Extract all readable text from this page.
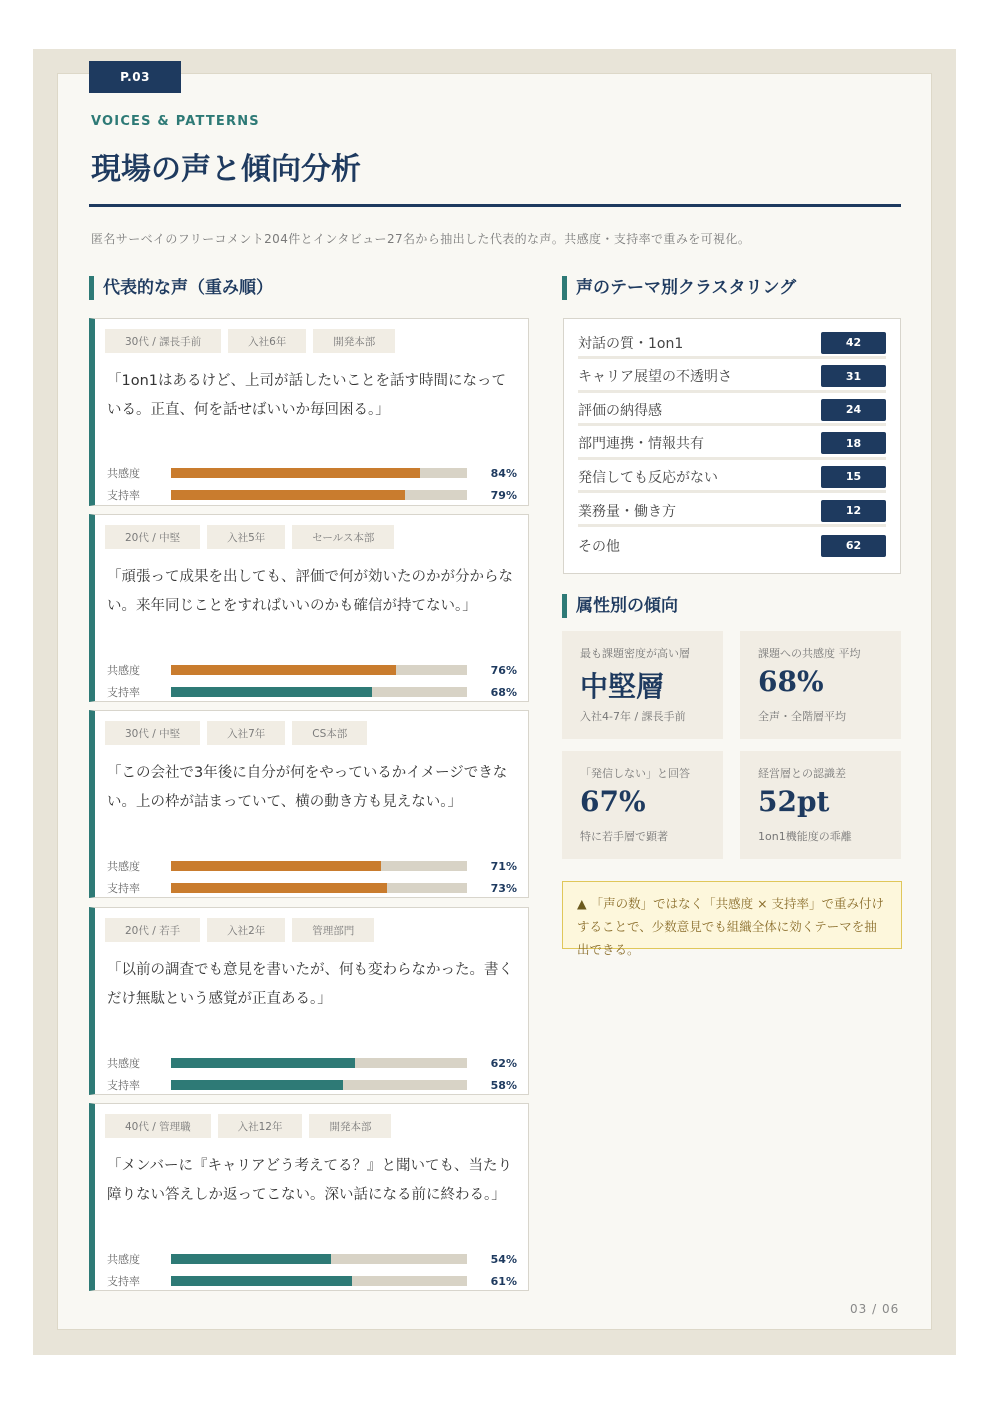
P.03
VOICES & PATTERNS
現場の声と傾向分析
匿名サーベイのフリーコメント204件とインタビュー27名から抽出した代表的な声。共感度・支持率で重みを可視化。
代表的な声（重み順）
30代 / 課長手前	入社6年	開発本部
「1on1はあるけど、上司が話したいことを話す時間になっている。正直、何を話せばいいか毎回困る。」
共感度	84%
支持率	79%
20代 / 中堅	入社5年	セールス本部
「頑張って成果を出しても、評価で何が効いたのかが分からない。来年同じことをすればいいのかも確信が持てない。」
共感度	76%
支持率	68%
30代 / 中堅	入社7年	CS本部
「この会社で3年後に自分が何をやっているかイメージできない。上の枠が詰まっていて、横の動き方も見えない。」
共感度	71%
支持率	73%
20代 / 若手	入社2年	管理部門
「以前の調査でも意見を書いたが、何も変わらなかった。書くだけ無駄という感覚が正直ある。」
共感度	62%
支持率	58%
40代 / 管理職	入社12年	開発本部
「メンバーに『キャリアどう考えてる？』と聞いても、当たり障りない答えしか返ってこない。深い話になる前に終わる。」
共感度	54%
支持率	61%
声のテーマ別クラスタリング
対話の質・1on1	42
キャリア展望の不透明さ	31
評価の納得感	24
部門連携・情報共有	18
発信しても反応がない	15
業務量・働き方	12
その他	62
属性別の傾向
最も課題密度が高い層
中堅層
入社4-7年 / 課長手前
課題への共感度 平均
68%
全声・全階層平均
「発信しない」と回答
67%
特に若手層で顕著
経営層との認識差
52pt
1on1機能度の乖離
▲ 「声の数」ではなく「共感度 × 支持率」で重み付けすることで、少数意見でも組織全体に効くテーマを抽出できる。
03 / 06
